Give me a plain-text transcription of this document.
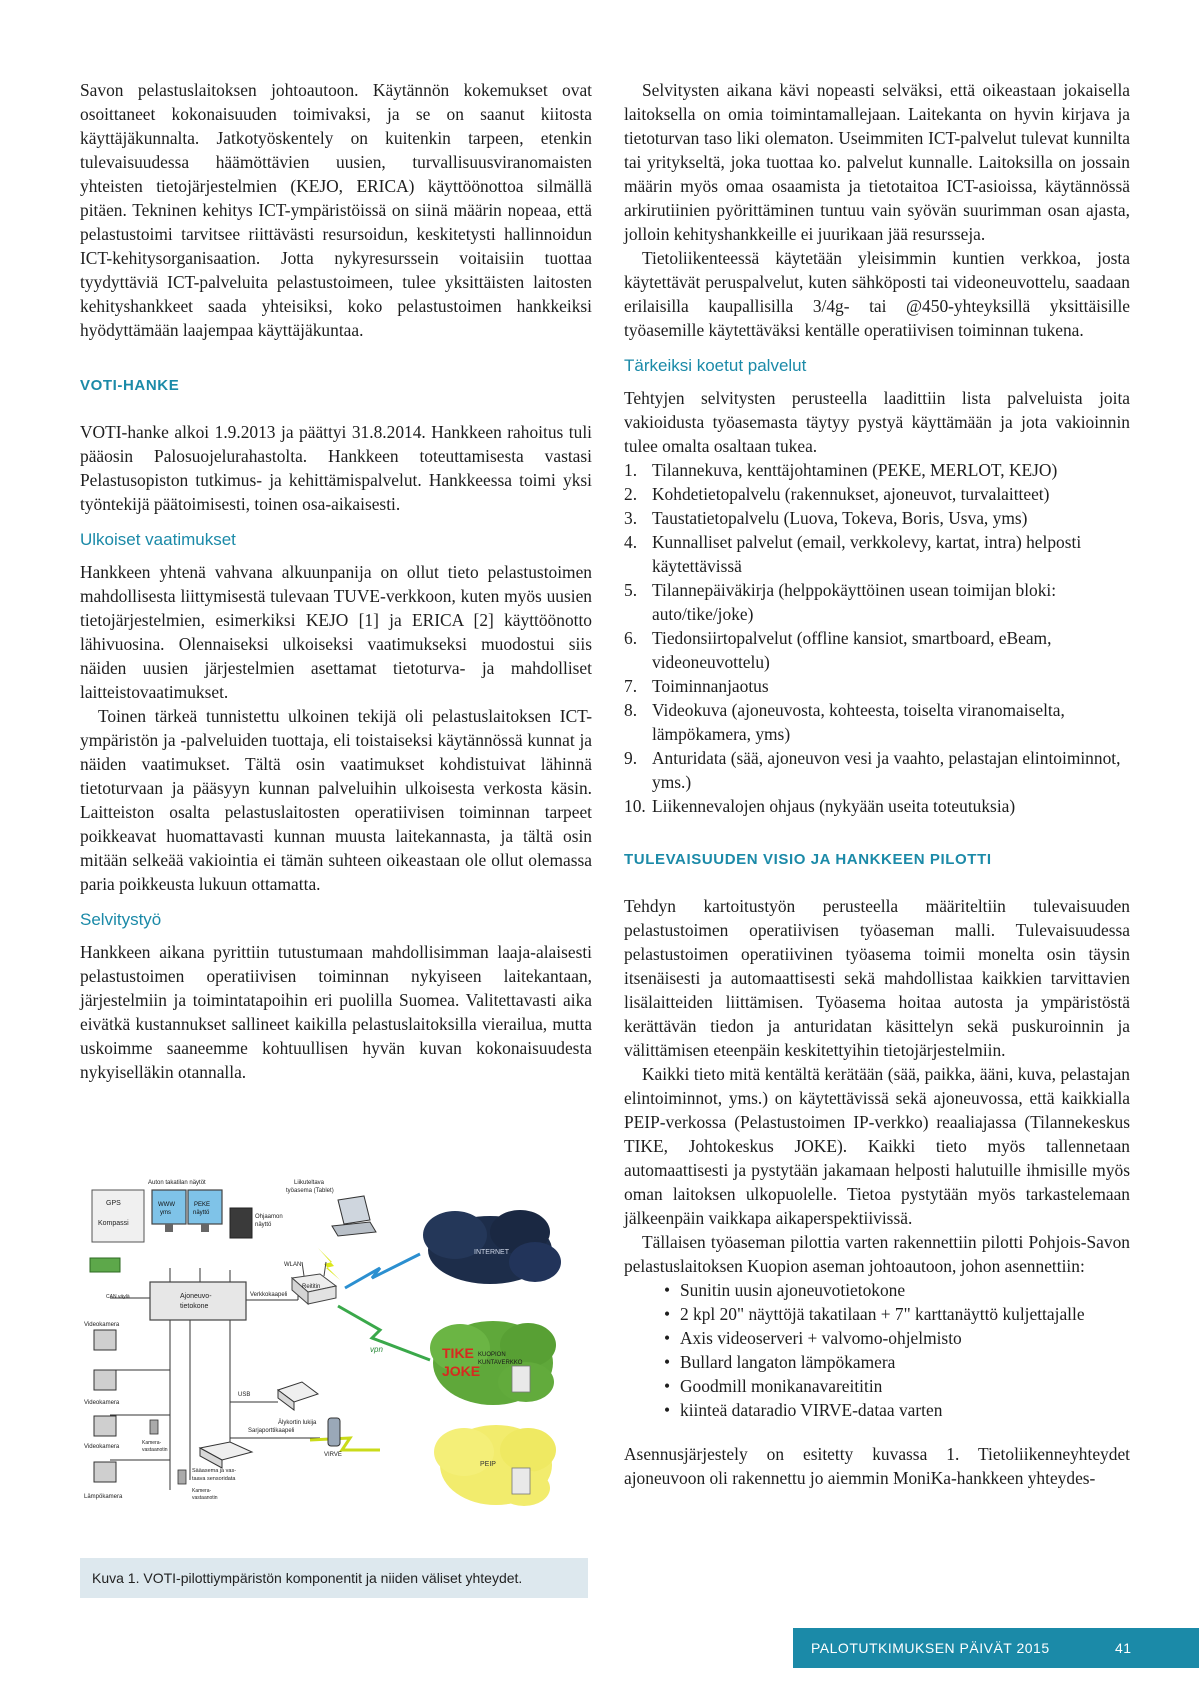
Savon pelastuslaitoksen johtoautoon. Käytännön kokemukset ovat osoittaneet kokonaisuuden toimivaksi, ja se on saanut kiitosta käyttäjäkunnalta. Jatkotyöskentely on kuitenkin tarpeen, etenkin tulevaisuudessa häämöttävien uusien, turvallisuusviranomaisten yhteisten tietojärjestelmien (KEJO, ERICA) käyttöönottoa silmällä pitäen. Tekninen kehitys ICT-ympäristöissä on siinä määrin nopeaa, että pelastustoimi tarvitsee riittävästi resursoidun, keskitetysti hallinnoidun ICT-kehitysorganisaation. Jotta nykyresurssein voitaisiin tuottaa tyydyttäviä ICT-palveluita pelastustoimeen, tulee yksittäisten laitosten kehityshankkeet saada yhteisiksi, koko pelastustoimen hankkeiksi hyödyttämään laajempaa käyttäjäkuntaa.

VOTI-HANKE

VOTI-hanke alkoi 1.9.2013 ja päättyi 31.8.2014. Hankkeen rahoitus tuli pääosin Palosuojelurahastolta. Hankkeen toteuttamisesta vastasi Pelastusopiston tutkimus- ja kehittämispalvelut. Hankkeessa toimi yksi työntekijä päätoimisesti, toinen osa-aikaisesti.

Ulkoiset vaatimukset

Hankkeen yhtenä vahvana alkuunpanija on ollut tieto pelastustoimen mahdollisesta liittymisestä tulevaan TUVE-verkkoon, kuten myös uusien tietojärjestelmien, esimerkiksi KEJO [1] ja ERICA [2] käyttöönotto lähivuosina. Olennaiseksi ulkoiseksi vaatimukseksi muodostui siis näiden uusien järjestelmien asettamat tietoturva- ja mahdolliset laitteistovaatimukset.

Toinen tärkeä tunnistettu ulkoinen tekijä oli pelastuslaitoksen ICT-ympäristön ja -palveluiden tuottaja, eli toistaiseksi käytännössä kunnat ja näiden vaatimukset. Tältä osin vaatimukset kohdistuivat lähinnä tietoturvaan ja pääsyyn kunnan palveluihin ulkoisesta verkosta käsin. Laitteiston osalta pelastuslaitosten operatiivisen toiminnan tarpeet poikkeavat huomattavasti kunnan muusta laitekannasta, ja tältä osin mitään selkeää vakiointia ei tämän suhteen oikeastaan ole ollut olemassa paria poikkeusta lukuun ottamatta.

Selvitystyö

Hankkeen aikana pyrittiin tutustumaan mahdollisimman laaja-alaisesti pelastustoimen operatiivisen toiminnan nykyiseen laitekantaan, järjestelmiin ja toimintatapoihin eri puolilla Suomea. Valitettavasti aika eivätkä kustannukset sallineet kaikilla pelastuslaitoksilla vierailua, mutta uskoimme saaneemme kohtuullisen hyvän kuvan kokonaisuudesta nykyiselläkin otannalla.

INTERNET
TIKE
JOKE
KUOPION
KUNTAVERKKO
PEIP
GPS
Kompassi
Auton takatilan näytöt
WWW
yms
PEKE
näyttö
Ohjaamon
näyttö
Liikuteltava
työasema (Tablet)
WLAN
Reititin
CAN väylä	Ajoneuvo-
tietokone
Verkkokaapeli
vpn
Videokamera
Videokamera
Videokamera
Lämpökamera
Kamera-
vastaanotin
Kamera-
vastaanotin
USB
Älykortin lukija
Sarjaporttikaapeli
VIRVE
Sääasema ja vas-
taava sensoridata
Kuva 1. VOTI-pilottiympäristön komponentit ja niiden väliset yhteydet.

Selvitysten aikana kävi nopeasti selväksi, että oikeastaan jokaisella laitoksella on omia toimintamallejaan. Laitekanta on hyvin kirjava ja tietoturvan taso liki olematon. Useimmiten ICT-palvelut tulevat kunnilta tai yritykseltä, joka tuottaa ko. palvelut kunnalle. Laitoksilla on jossain määrin myös omaa osaamista ja tietotaitoa ICT-asioissa, käytännössä arkirutiinien pyörittäminen tuntuu vain syövän suurimman osan ajasta, jolloin kehityshankkeille ei juurikaan jää resursseja.

Tietoliikenteessä käytetään yleisimmin kuntien verkkoa, josta käytettävät peruspalvelut, kuten sähköposti tai videoneuvottelu, saadaan erilaisilla kaupallisilla 3/4g- tai @450-yhteyksillä yksittäisille työasemille käytettäväksi kentälle operatiivisen toiminnan tukena.

Tärkeiksi koetut palvelut

Tehtyjen selvitysten perusteella laadittiin lista palveluista joita vakioidusta työasemasta täytyy pystyä käyttämään ja jota vakioinnin tulee omalta osaltaan tukea.

1. Tilannekuva, kenttäjohtaminen (PEKE, MERLOT, KEJO)
2. Kohdetietopalvelu (rakennukset, ajoneuvot, turvalaitteet)
3. Taustatietopalvelu (Luova, Tokeva, Boris, Usva, yms)
4. Kunnalliset palvelut (email, verkkolevy, kartat, intra) helposti käytettävissä
5. Tilannepäiväkirja (helppokäyttöinen usean toimijan bloki: auto/tike/joke)
6. Tiedonsiirtopalvelut (offline kansiot, smartboard, eBeam, videoneuvottelu)
7. Toiminnanjaotus
8. Videokuva (ajoneuvosta, kohteesta, toiselta viranomaiselta, lämpökamera, yms)
9. Anturidata (sää, ajoneuvon vesi ja vaahto, pelastajan elintoiminnot, yms.)
10. Liikennevalojen ohjaus (nykyään useita toteutuksia)
TULEVAISUUDEN VISIO JA HANKKEEN PILOTTI

Tehdyn kartoitustyön perusteella määriteltiin tulevaisuuden pelastustoimen operatiivisen työaseman malli. Tulevaisuudessa pelastustoimen operatiivinen työasema toimii monelta osin täysin itsenäisesti ja automaattisesti sekä mahdollistaa kaikkien tarvittavien lisälaitteiden liittämisen. Työasema hoitaa autosta ja ympäristöstä kerättävän tiedon ja anturidatan käsittelyn sekä puskuroinnin ja välittämisen eteenpäin keskitettyihin tietojärjestelmiin.

Kaikki tieto mitä kentältä kerätään (sää, paikka, ääni, kuva, pelastajan elintoiminnot, yms.) on käytettävissä sekä ajoneuvossa, että kaikkialla PEIP-verkossa (Pelastustoimen IP-verkko) reaaliajassa (Tilannekeskus TIKE, Johtokeskus JOKE). Kaikki tieto myös tallennetaan automaattisesti ja pystytään jakamaan helposti halutuille ihmisille myös oman laitoksen ulkopuolelle. Tietoa pystytään myös tarkastelemaan jälkeenpäin vaikkapa aikaperspektiivissä.

Tällaisen työaseman pilottia varten rakennettiin pilotti Pohjois-Savon pelastuslaitoksen Kuopion aseman johtoautoon, johon asennettiin:

• Sunitin uusin ajoneuvotietokone
• 2 kpl 20" näyttöjä takatilaan + 7" karttanäyttö kuljettajalle
• Axis videoserveri + valvomo-ohjelmisto
• Bullard langaton lämpökamera
• Goodmill monikanavareititin
• kiinteä dataradio VIRVE-dataa varten

Asennusjärjestely on esitetty kuvassa 1. Tietoliikenneyhteydet ajoneuvoon oli rakennettu jo aiemmin MoniKa-hankkeen yhteydes-

PALOTUTKIMUKSEN PÄIVÄT 2015	41
